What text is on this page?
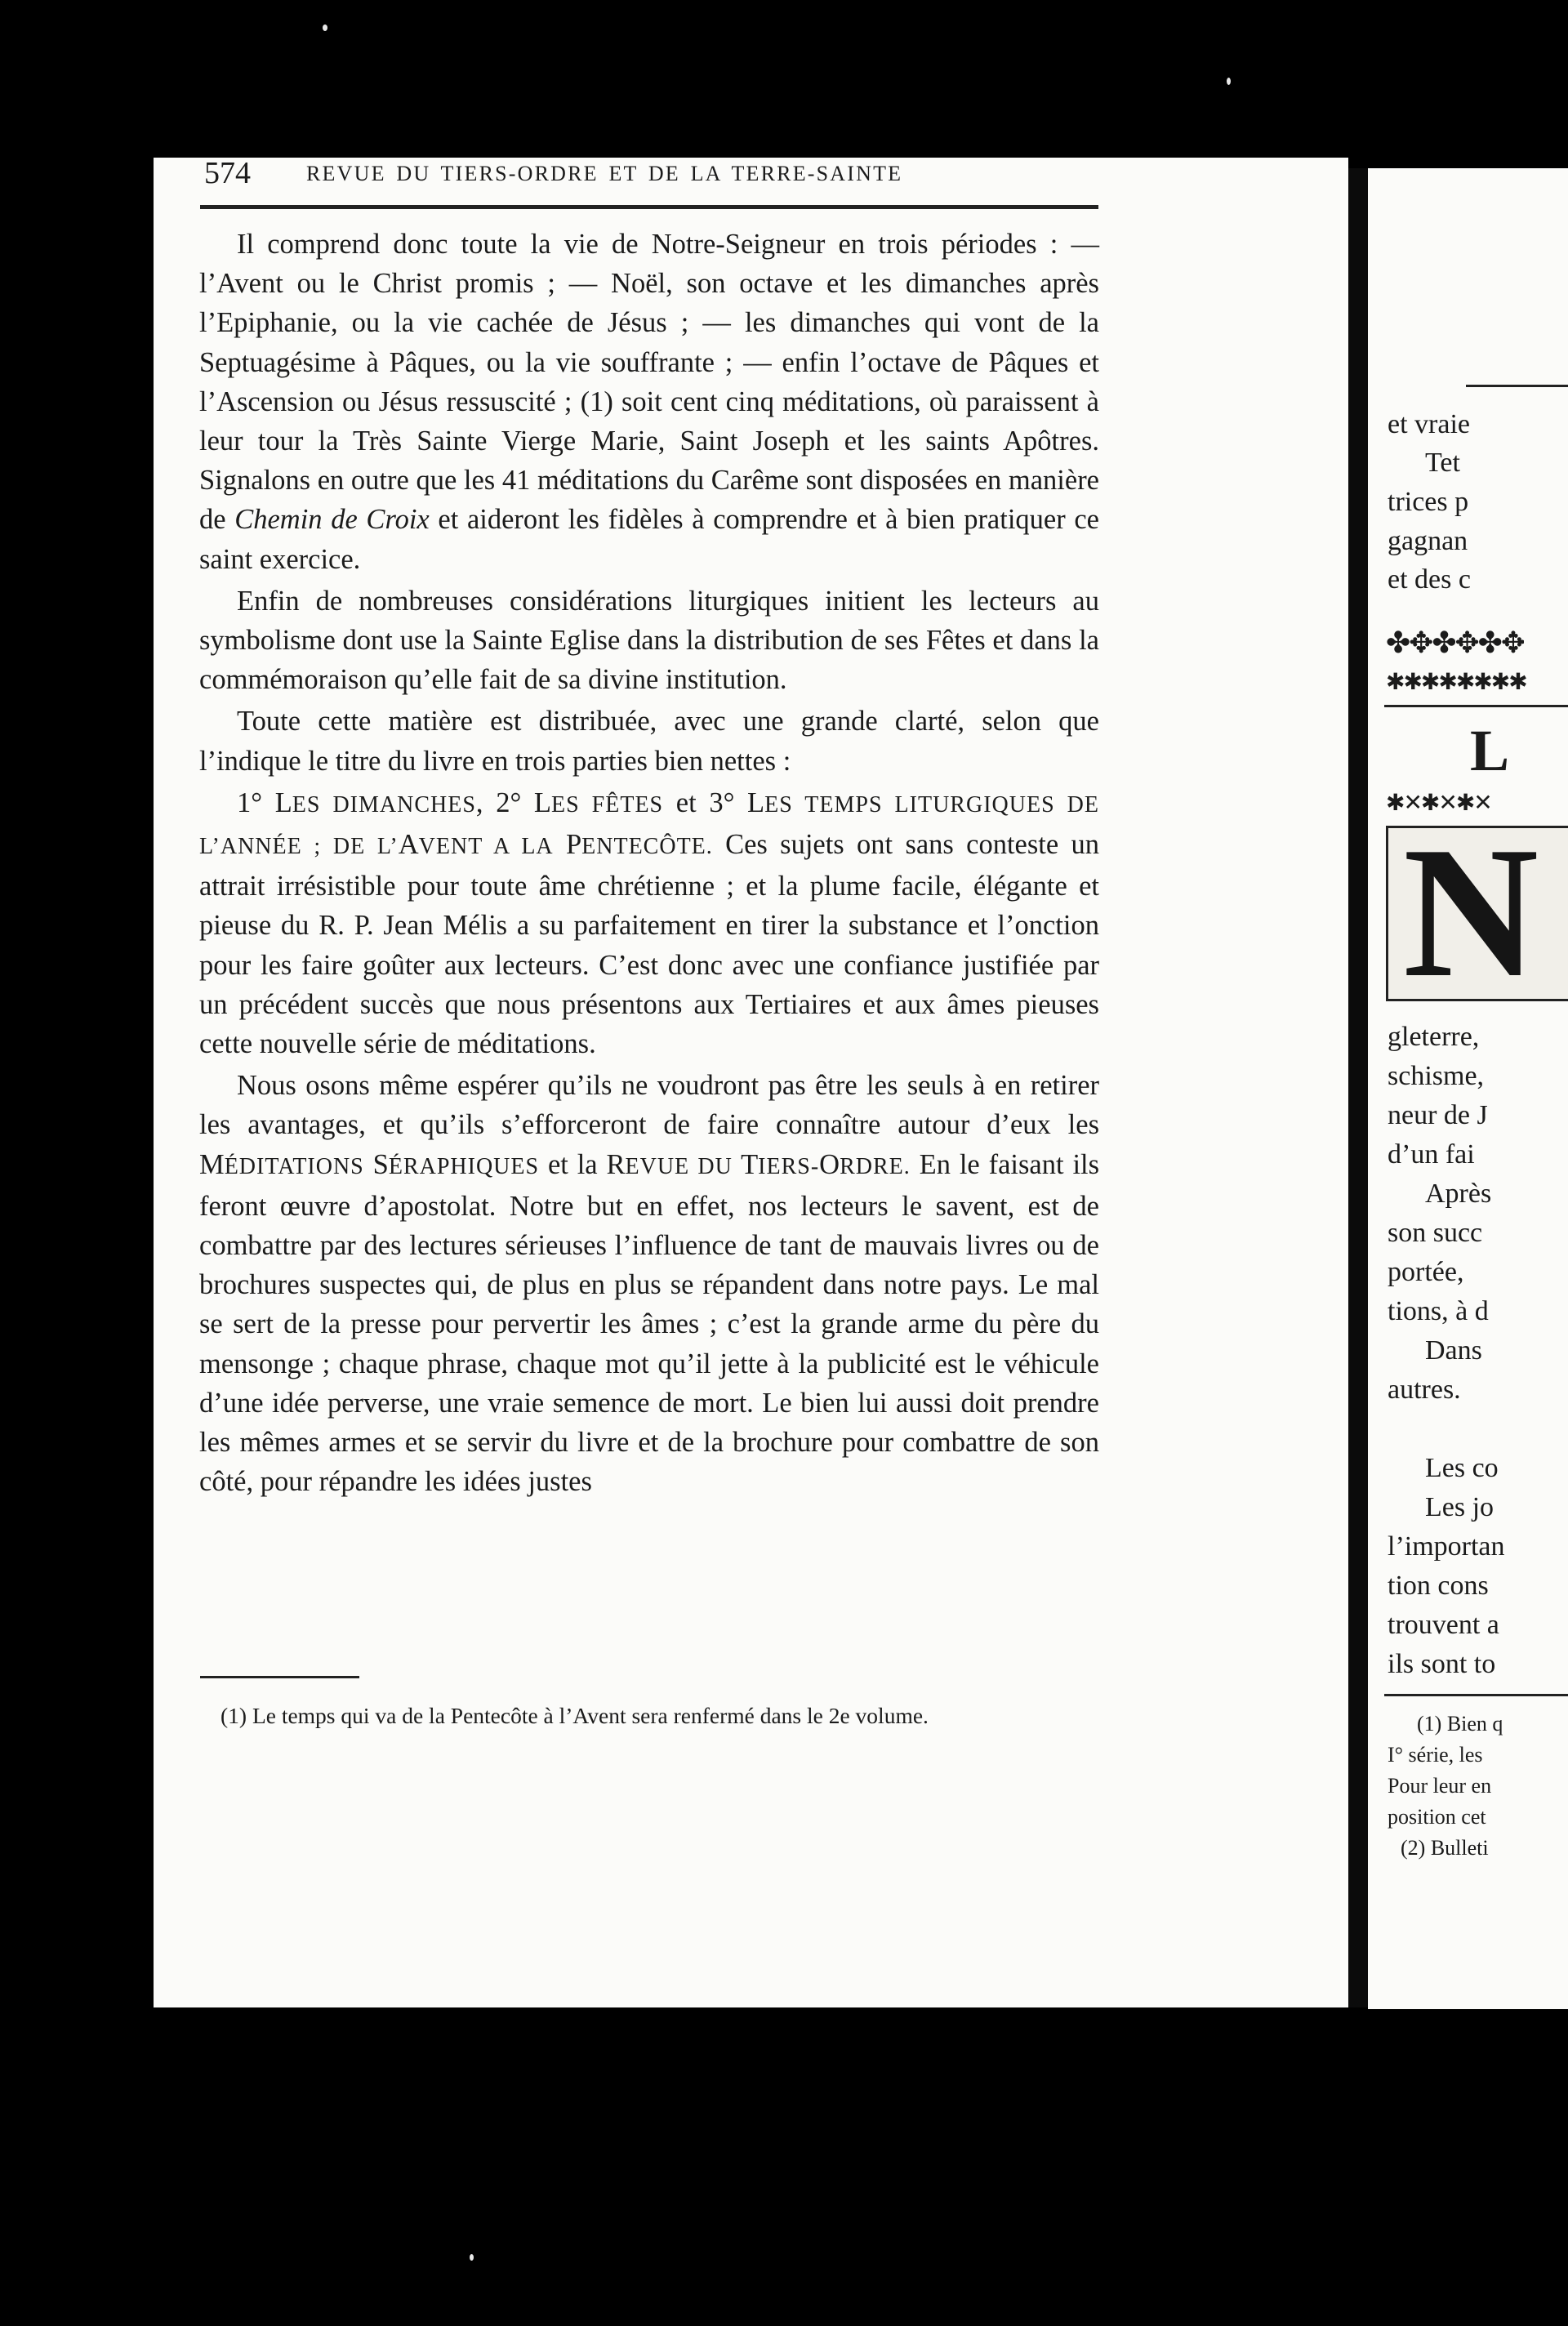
574	REVUE DU TIERS-ORDRE ET DE LA TERRE-SAINTE

Il comprend donc toute la vie de Notre-Seigneur en trois périodes : — l’Avent ou le Christ promis ; — Noël, son octave et les dimanches après l’Epiphanie, ou la vie cachée de Jésus ; — les dimanches qui vont de la Septuagésime à Pâques, ou la vie souffrante ; — enfin l’octave de Pâques et l’Ascension ou Jésus ressuscité ; (1) soit cent cinq méditations, où paraissent à leur tour la Très Sainte Vierge Marie, Saint Joseph et les saints Apôtres. Signalons en outre que les 41 méditations du Carême sont disposées en manière de Chemin de Croix et aideront les fidèles à comprendre et à bien pratiquer ce saint exercice.

Enfin de nombreuses considérations liturgiques initient les lecteurs au symbolisme dont use la Sainte Eglise dans la distribution de ses Fêtes et dans la commémoraison qu’elle fait de sa divine institution.

Toute cette matière est distribuée, avec une grande clarté, selon que l’indique le titre du livre en trois parties bien nettes :

1° LES DIMANCHES, 2° LES FÊTES et 3° LES TEMPS LITURGIQUES DE L’ANNÉE ; DE L’AVENT A LA PENTECÔTE. Ces sujets ont sans conteste un attrait irrésistible pour toute âme chrétienne ; et la plume facile, élégante et pieuse du R. P. Jean Mélis a su parfaitement en tirer la substance et l’onction pour les faire goûter aux lecteurs. C’est donc avec une confiance justifiée par un précédent succès que nous présentons aux Tertiaires et aux âmes pieuses cette nouvelle série de méditations.

Nous osons même espérer qu’ils ne voudront pas être les seuls à en retirer les avantages, et qu’ils s’efforceront de faire connaître autour d’eux les MÉDITATIONS SÉRAPHIQUES et la REVUE DU TIERS-ORDRE. En le faisant ils feront œuvre d’apostolat. Notre but en effet, nos lecteurs le savent, est de combattre par des lectures sérieuses l’influence de tant de mauvais livres ou de brochures suspectes qui, de plus en plus se répandent dans notre pays. Le mal se sert de la presse pour pervertir les âmes ; c’est la grande arme du père du mensonge ; chaque phrase, chaque mot qu’il jette à la publicité est le véhicule d’une idée perverse, une vraie semence de mort. Le bien lui aussi doit prendre les mêmes armes et se servir du livre et de la brochure pour combattre de son côté, pour répandre les idées justes

(1) Le temps qui va de la Pentecôte à l’Avent sera renfermé dans le 2e volume.
et vraie
Tet
trices p
gagnan
et des c
✤✥✤✥✤✥
✱✱✱✱✱✱✱✱
L
✱✕✱✕✱✕
N
gleterre,
schisme,
neur de J
d’un fai
Après
son succ
portée,
tions, à d
Dans
autres.
Les co
Les jo
l’importan
tion cons
trouvent a
ils sont to
(1) Bien q
I° série, les
Pour leur en
position cet
(2) Bulleti
